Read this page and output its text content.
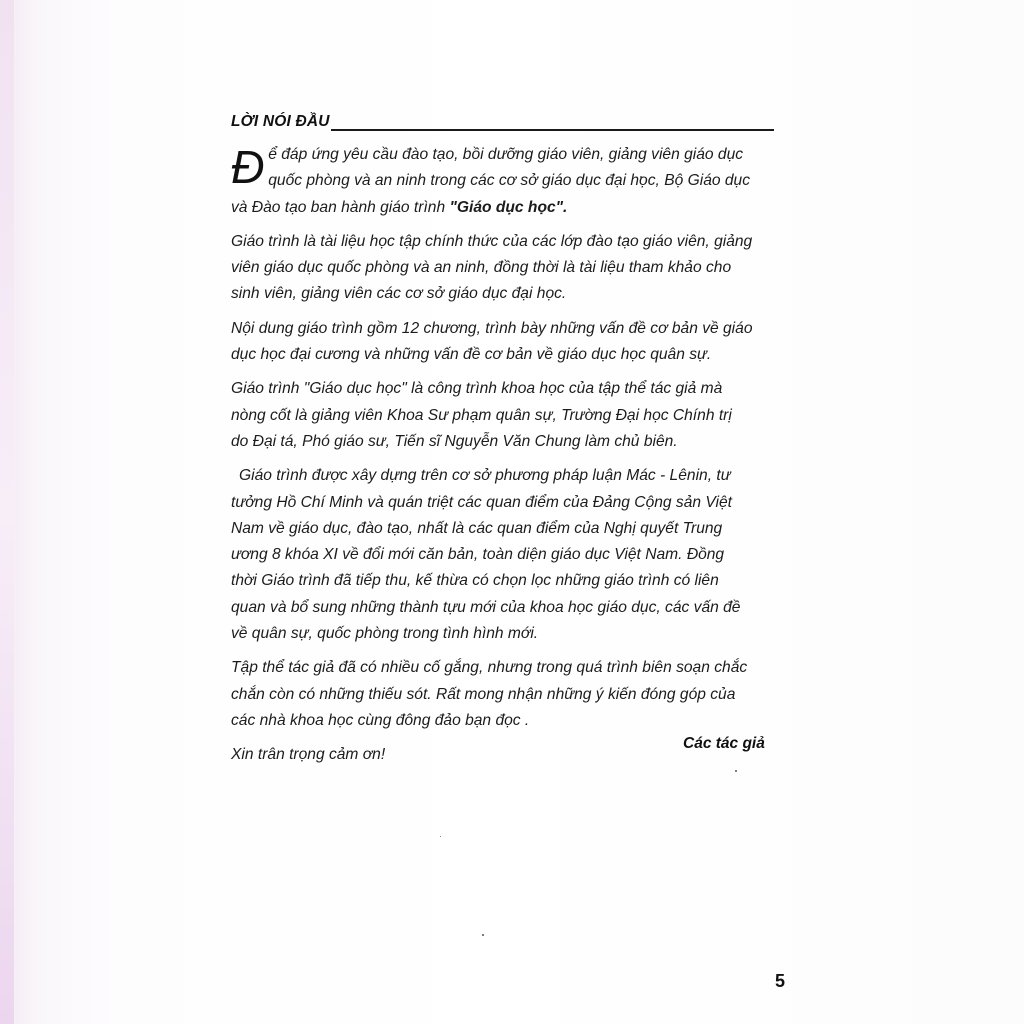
LỜI NÓI ĐẦU
Đ ể đáp ứng yêu cầu đào tạo, bồi dưỡng giáo viên, giảng viên giáo dục
quốc phòng và an ninh trong các cơ sở giáo dục đại học, Bộ Giáo dục
và Đào tạo ban hành giáo trình "Giáo dục học".
Giáo trình là tài liệu học tập chính thức của các lớp đào tạo giáo viên, giảng
viên giáo dục quốc phòng và an ninh, đồng thời là tài liệu tham khảo cho
sinh viên, giảng viên các cơ sở giáo dục đại học.
Nội dung giáo trình gồm 12 chương, trình bày những vấn đề cơ bản về giáo
dục học đại cương và những vấn đề cơ bản về giáo dục học quân sự.
Giáo trình "Giáo dục học" là công trình khoa học của tập thể tác giả mà
nòng cốt là giảng viên Khoa Sư phạm quân sự, Trường Đại học Chính trị
do Đại tá, Phó giáo sư, Tiến sĩ Nguyễn Văn Chung làm chủ biên.
Giáo trình được xây dựng trên cơ sở phương pháp luận Mác - Lênin, tư
tưởng Hồ Chí Minh và quán triệt các quan điểm của Đảng Cộng sản Việt
Nam về giáo dục, đào tạo, nhất là các quan điểm của Nghị quyết Trung
ương 8 khóa XI về đổi mới căn bản, toàn diện giáo dục Việt Nam. Đồng
thời Giáo trình đã tiếp thu, kế thừa có chọn lọc những giáo trình có liên
quan và bổ sung những thành tựu mới của khoa học giáo dục, các vấn đề
về quân sự, quốc phòng trong tình hình mới.
Tập thể tác giả đã có nhiều cố gắng, nhưng trong quá trình biên soạn chắc
chắn còn có những thiếu sót. Rất mong nhận những ý kiến đóng góp của
các nhà khoa học cùng đông đảo bạn đọc .
Xin trân trọng cảm ơn!
Các tác giả
5
